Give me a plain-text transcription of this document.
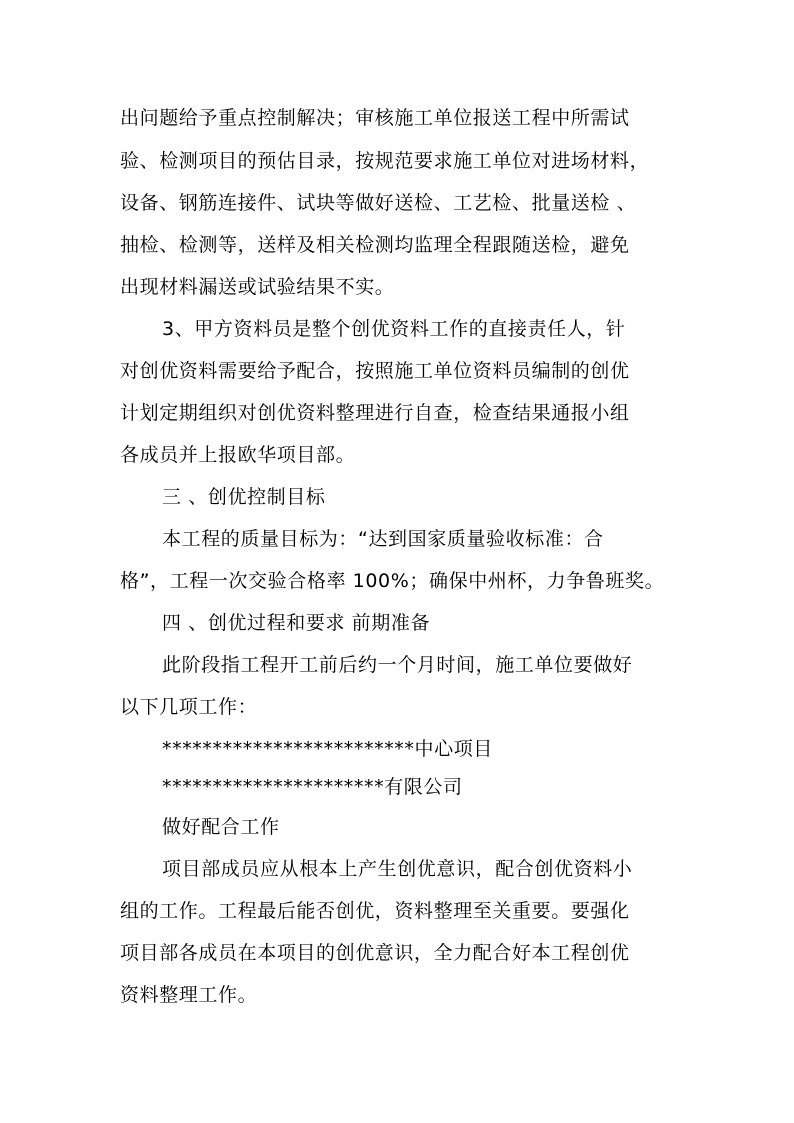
出问题给予重点控制解决；审核施工单位报送工程中所需试
验、检测项目的预估目录，按规范要求施工单位对进场材料，
设备、钢筋连接件、试块等做好送检、工艺检、批量送检 、
抽检、检测等，送样及相关检测均监理全程跟随送检，避免
出现材料漏送或试验结果不实。
3、甲方资料员是整个创优资料工作的直接责任人，针
对创优资料需要给予配合，按照施工单位资料员编制的创优
计划定期组织对创优资料整理进行自查，检查结果通报小组
各成员并上报欧华项目部。
三 、创优控制目标
本工程的质量目标为：“达到国家质量验收标准：合
格”，工程一次交验合格率 100%；确保中州杯，力争鲁班奖。
四 、创优过程和要求 前期准备
此阶段指工程开工前后约一个月时间，施工单位要做好
以下几项工作：
*************************中心项目
**********************有限公司
做好配合工作
项目部成员应从根本上产生创优意识，配合创优资料小
组的工作。工程最后能否创优，资料整理至关重要。要强化
项目部各成员在本项目的创优意识，全力配合好本工程创优
资料整理工作。
